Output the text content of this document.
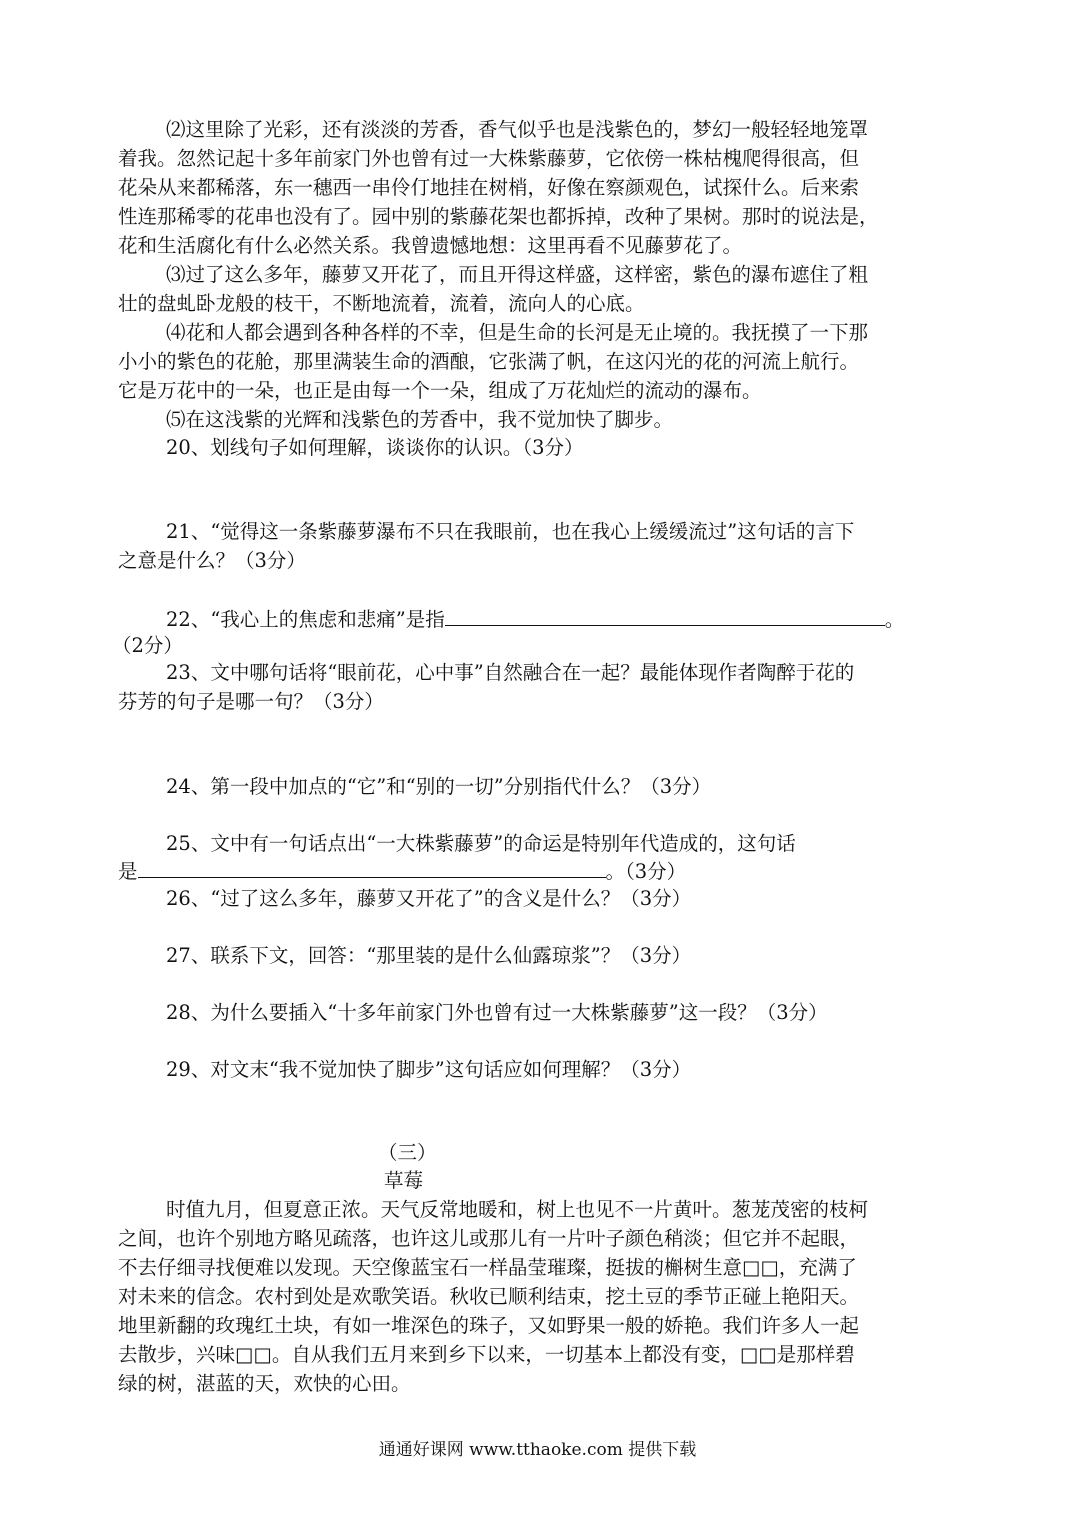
⑵这里除了光彩，还有淡淡的芳香，香气似乎也是浅紫色的，梦幻一般轻轻地笼罩
着我。忽然记起十多年前家门外也曾有过一大株紫藤萝，它依傍一株枯槐爬得很高，但
花朵从来都稀落，东一穗西一串伶仃地挂在树梢，好像在察颜观色，试探什么。后来索
性连那稀零的花串也没有了。园中别的紫藤花架也都拆掉，改种了果树。那时的说法是，
花和生活腐化有什么必然关系。我曾遗憾地想：这里再看不见藤萝花了。
⑶过了这么多年，藤萝又开花了，而且开得这样盛，这样密，紫色的瀑布遮住了粗
壮的盘虬卧龙般的枝干，不断地流着，流着，流向人的心底。
⑷花和人都会遇到各种各样的不幸，但是生命的长河是无止境的。我抚摸了一下那
小小的紫色的花舱，那里满装生命的酒酿，它张满了帆，在这闪光的花的河流上航行。
它是万花中的一朵，也正是由每一个一朵，组成了万花灿烂的流动的瀑布。
⑸在这浅紫的光辉和浅紫色的芳香中，我不觉加快了脚步。
20、划线句子如何理解，谈谈你的认识。（3分）
21、“觉得这一条紫藤萝瀑布不只在我眼前，也在我心上缓缓流过”这句话的言下
之意是什么？（3分）
22、“我心上的焦虑和悲痛”是指	。
（2分）
23、文中哪句话将“眼前花，心中事”自然融合在一起？最能体现作者陶醉于花的
芬芳的句子是哪一句？（3分）
24、第一段中加点的“它”和“别的一切”分别指代什么？（3分）
25、文中有一句话点出“一大株紫藤萝”的命运是特别年代造成的，这句话
是	。（3分）
26、“过了这么多年，藤萝又开花了”的含义是什么？（3分）
27、联系下文，回答：“那里装的是什么仙露琼浆”？（3分）
28、为什么要插入“十多年前家门外也曾有过一大株紫藤萝”这一段？（3分）
29、对文末“我不觉加快了脚步”这句话应如何理解？（3分）
（三）
草莓
时值九月，但夏意正浓。天气反常地暖和，树上也见不一片黄叶。葱茏茂密的枝柯
之间，也许个别地方略见疏落，也许这儿或那儿有一片叶子颜色稍淡；但它并不起眼，
不去仔细寻找便难以发现。天空像蓝宝石一样晶莹璀璨，挺拔的槲树生意□□，充满了
对未来的信念。农村到处是欢歌笑语。秋收已顺利结束，挖土豆的季节正碰上艳阳天。
地里新翻的玫瑰红土块，有如一堆深色的珠子，又如野果一般的娇艳。我们许多人一起
去散步，兴味□□。自从我们五月来到乡下以来，一切基本上都没有变，□□是那样碧
绿的树，湛蓝的天，欢快的心田。
通通好课网 www.tthaoke.com 提供下载
